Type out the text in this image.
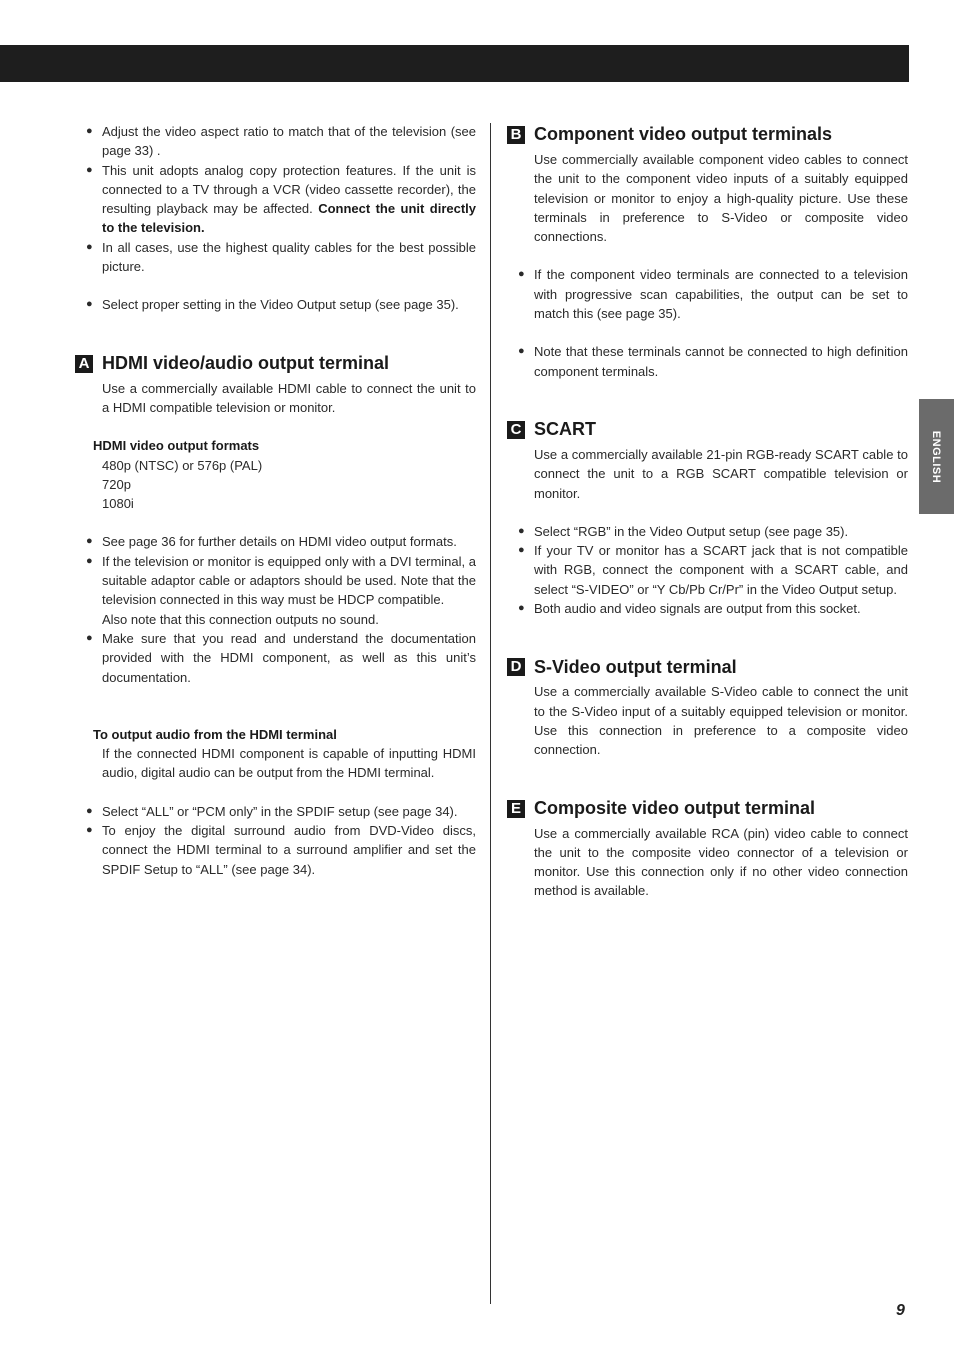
ENGLISH
9

● Adjust the video aspect ratio to match that of the television (see page 33) .

● This unit adopts analog copy protection features. If the unit is connected to a TV through a VCR (video cassette recorder), the resulting playback may be affected. Connect the unit directly to the television.

● In all cases, use the highest quality cables for the best possible picture.

● Select proper setting in the Video Output setup (see page 35).

A HDMI video/audio output terminal

Use a commercially available HDMI cable to connect the unit to a HDMI compatible television or monitor.

HDMI video output formats

480p (NTSC) or 576p (PAL)

720p

1080i

● See page 36 for further details on HDMI video output formats.

● If the television or monitor is equipped only with a DVI terminal, a suitable adaptor cable or adaptors should be used. Note that the television connected in this way must be HDCP compatible.

Also note that this connection outputs no sound.

● Make sure that you read and understand the documentation provided with the HDMI component, as well as this unit’s documentation.

To output audio from the HDMI terminal

If the connected HDMI component is capable of inputting HDMI audio, digital audio can be output from the HDMI terminal.

● Select “ALL” or “PCM only” in the SPDIF setup (see page 34).

● To enjoy the digital surround audio from DVD-Video discs, connect the HDMI terminal to a surround amplifier and set the SPDIF Setup to “ALL” (see page 34).

B Component video output terminals

Use commercially available component video cables to connect the unit to the component video inputs of a suitably equipped television or monitor to enjoy a high-quality picture. Use these terminals in preference to S-Video or composite video connections.

● If the component video terminals are connected to a television with progressive scan capabilities, the output can be set to match this (see page 35).

● Note that these terminals cannot be connected to high definition component terminals.

C SCART

Use a commercially available 21-pin RGB-ready SCART cable to connect the unit to a RGB SCART compatible television or monitor.

● Select “RGB” in the Video Output setup (see page 35).

● If your TV or monitor has a SCART jack that is not compatible with RGB, connect the component with a SCART cable, and select “S-VIDEO” or “Y Cb/Pb Cr/Pr” in the Video Output setup.

● Both audio and video signals are output from this socket.

D S-Video output terminal

Use a commercially available S-Video cable to connect the unit to the S-Video input of a suitably equipped television or monitor. Use this connection in preference to a composite video connection.

E Composite video output terminal

Use a commercially available RCA (pin) video cable to connect the unit to the composite video connector of a television or monitor. Use this connection only if no other video connection method is available.
